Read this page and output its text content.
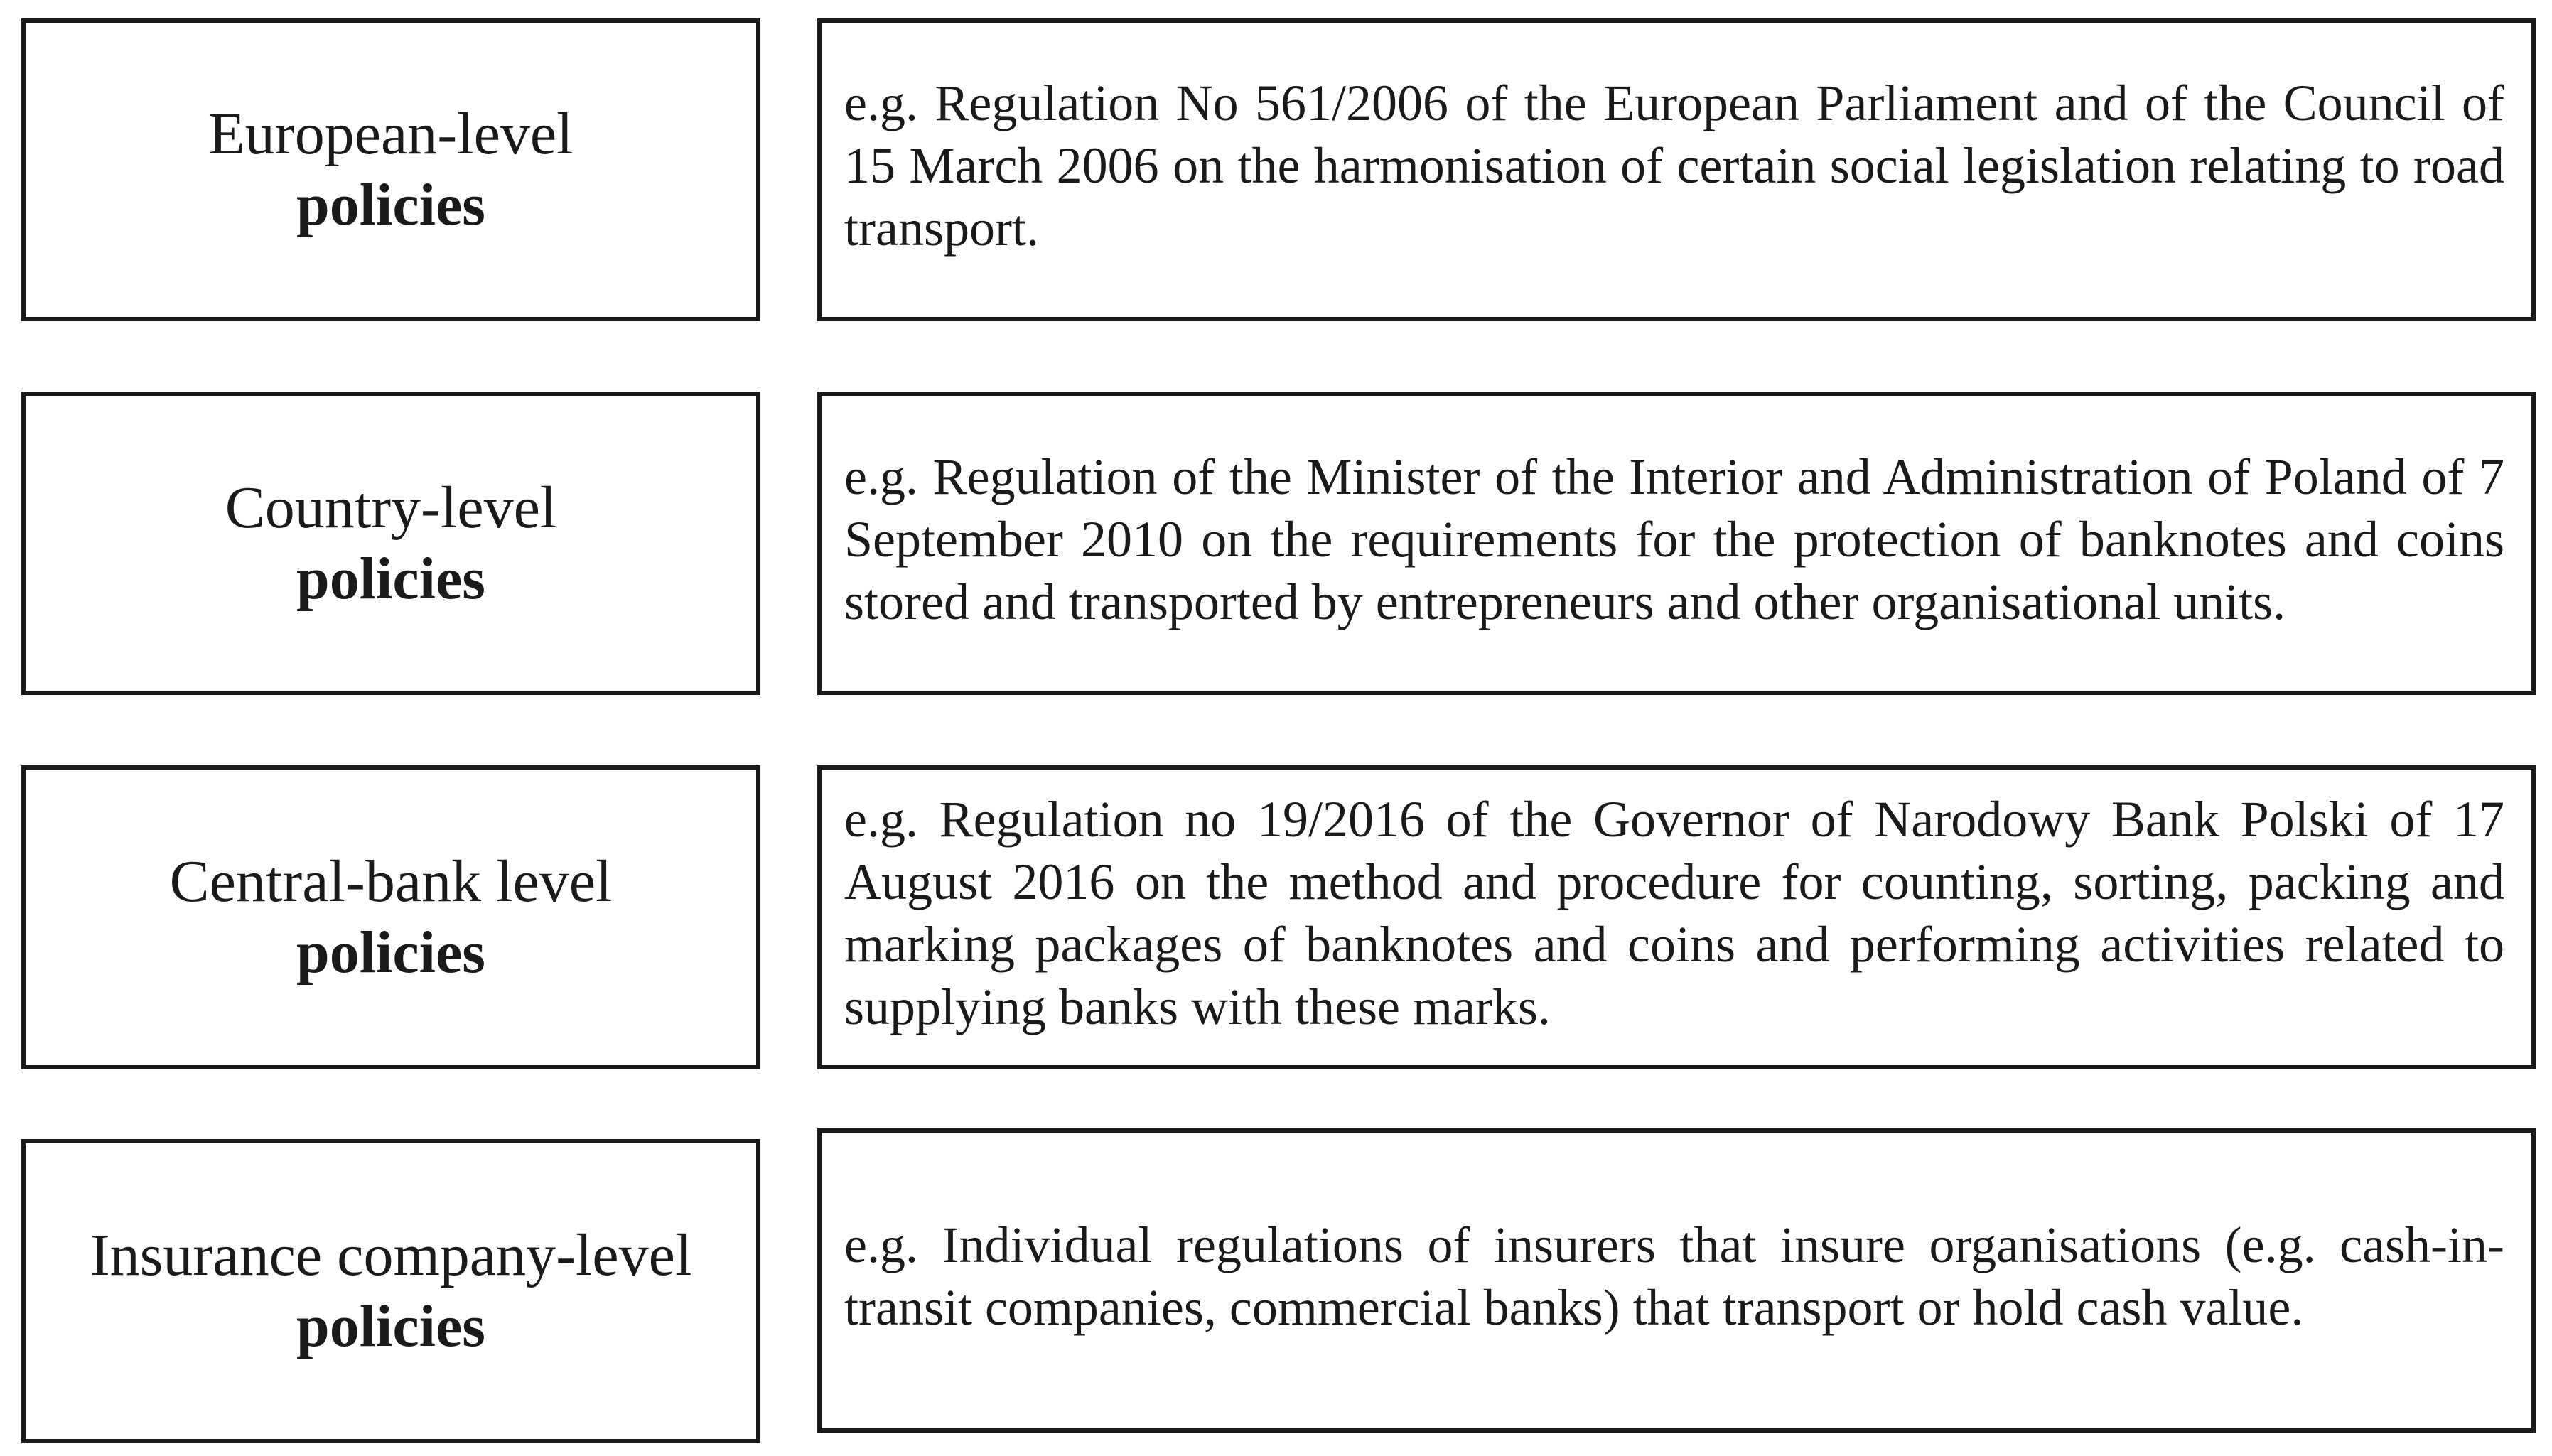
European-level
policies
e.g. Regulation No 561/2006 of the European Parliament and of the Council of 15 March 2006 on the harmonisation of certain social legislation relating to road transport.
Country-level
policies
e.g. Regulation of the Minister of the Interior and Administration of Poland of 7 September 2010 on the requirements for the protection of banknotes and coins stored and transported by entrepreneurs and other organisational units.
Central-bank level
policies
e.g. Regulation no 19/2016 of the Governor of Narodowy Bank Polski of 17 August 2016 on the method and procedure for counting, sorting, packing and marking packages of banknotes and coins and performing activities related to supplying banks with these marks.
Insurance company-level
policies
e.g. Individual regulations of insurers that insure organisations (e.g. cash-in-transit companies, commercial banks) that transport or hold cash value.
